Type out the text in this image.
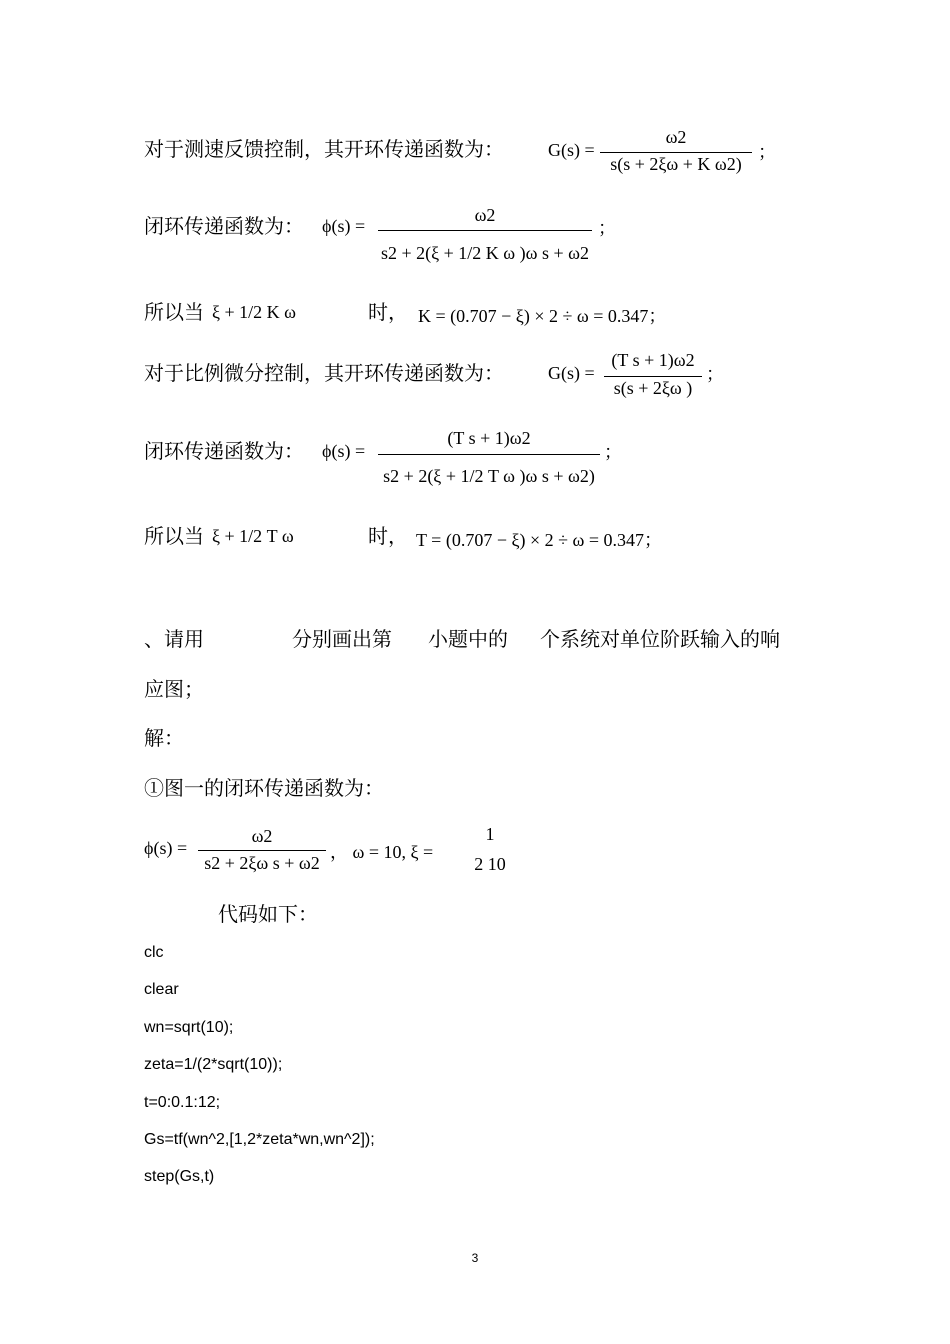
对于测速反馈控制，其开环传递函数为： G(s) =
ω2
s(s + 2ξω + K ω2)
；
闭环传递函数为： ϕ(s) =
ω2
s2 + 2(ξ + 1/2 K ω )ω s + ω2
；
所以当 ξ + 1/2 K ω	时， K = (0.707 − ξ) × 2 ÷ ω = 0.347；
对于比例微分控制，其开环传递函数为： G(s) =
(T s + 1)ω2
s(s + 2ξω )
；
闭环传递函数为： ϕ(s) =
(T s + 1)ω2
s2 + 2(ξ + 1/2 T ω )ω s + ω2)
；
所以当 ξ + 1/2 T ω	时， T = (0.707 − ξ) × 2 ÷ ω = 0.347；
、请用	分别画出第 小题中的 个系统对单位阶跃输入的响
应图；
解：
①图一的闭环传递函数为：
ϕ(s) =
ω2
s2 + 2ξω s + ω2
， ω = 10, ξ =
1
2 10
代码如下：
clc
clear
wn=sqrt(10);
zeta=1/(2*sqrt(10));
t=0:0.1:12;
Gs=tf(wn^2,[1,2*zeta*wn,wn^2]);
step(Gs,t)
3
